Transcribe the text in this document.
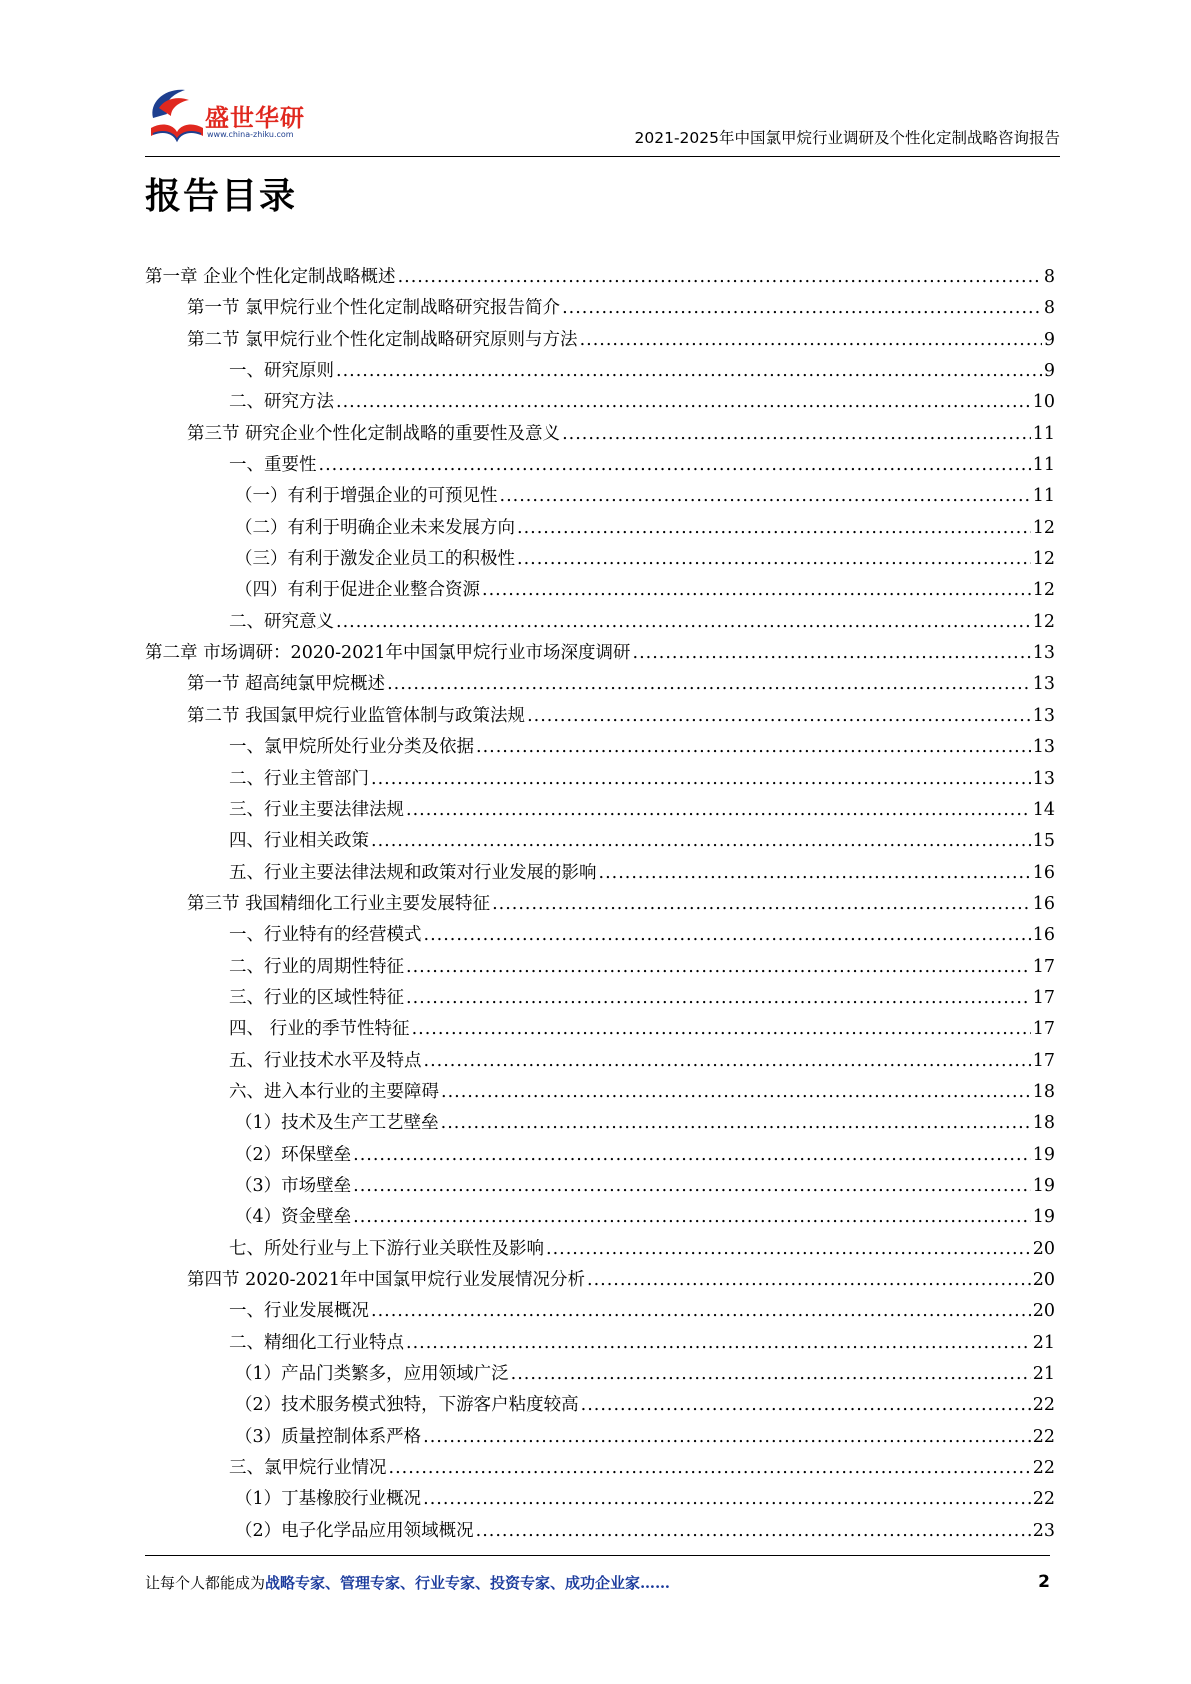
盛世华研
www.china-zhiku.com	2021-2025年中国氯甲烷行业调研及个性化定制战略咨询报告
报告目录
第一章 企业个性化定制战略概述 .....	8
第一节 氯甲烷行业个性化定制战略研究报告简介 .....	8
第二节 氯甲烷行业个性化定制战略研究原则与方法 .....	9
一、研究原则 .....	9
二、研究方法 .....	10
第三节 研究企业个性化定制战略的重要性及意义 .....	11
一、重要性 .....	11
（一）有利于增强企业的可预见性 .....	11
（二）有利于明确企业未来发展方向 .....	12
（三）有利于激发企业员工的积极性 .....	12
（四）有利于促进企业整合资源 .....	12
二、研究意义 .....	12
第二章 市场调研：2020-2021年中国氯甲烷行业市场深度调研 .....	13
第一节 超高纯氯甲烷概述 .....	13
第二节 我国氯甲烷行业监管体制与政策法规 .....	13
一、氯甲烷所处行业分类及依据 .....	13
二、行业主管部门 .....	13
三、行业主要法律法规 .....	14
四、行业相关政策 .....	15
五、行业主要法律法规和政策对行业发展的影响 .....	16
第三节 我国精细化工行业主要发展特征 .....	16
一、行业特有的经营模式 .....	16
二、行业的周期性特征 .....	17
三、行业的区域性特征 .....	17
四、 行业的季节性特征 .....	17
五、行业技术水平及特点 .....	17
六、进入本行业的主要障碍 .....	18
（1）技术及生产工艺壁垒 .....	18
（2）环保壁垒 .....	19
（3）市场壁垒 .....	19
（4）资金壁垒 .....	19
七、所处行业与上下游行业关联性及影响 .....	20
第四节 2020-2021年中国氯甲烷行业发展情况分析 .....	20
一、行业发展概况 .....	20
二、精细化工行业特点 .....	21
（1）产品门类繁多，应用领域广泛 .....	21
（2）技术服务模式独特，下游客户粘度较高 .....	22
（3）质量控制体系严格 .....	22
三、氯甲烷行业情况 .....	22
（1）丁基橡胶行业概况 .....	22
（2）电子化学品应用领域概况 .....	23
让每个人都能成为战略专家、管理专家、行业专家、投资专家、成功企业家……	2
